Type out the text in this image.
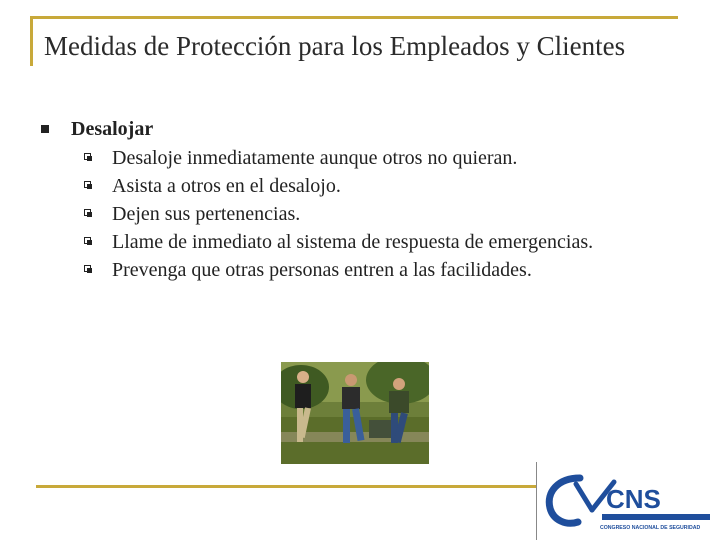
Medidas de Protección para los Empleados y Clientes
Desalojar
Desaloje inmediatamente aunque otros no quieran.
Asista a otros en el desalojo.
Dejen sus pertenencias.
Llame de inmediato al sistema de respuesta de emergencias.
Prevenga que otras personas entren a las facilidades.
CNS
CONGRESO NACIONAL DE SEGURIDAD
